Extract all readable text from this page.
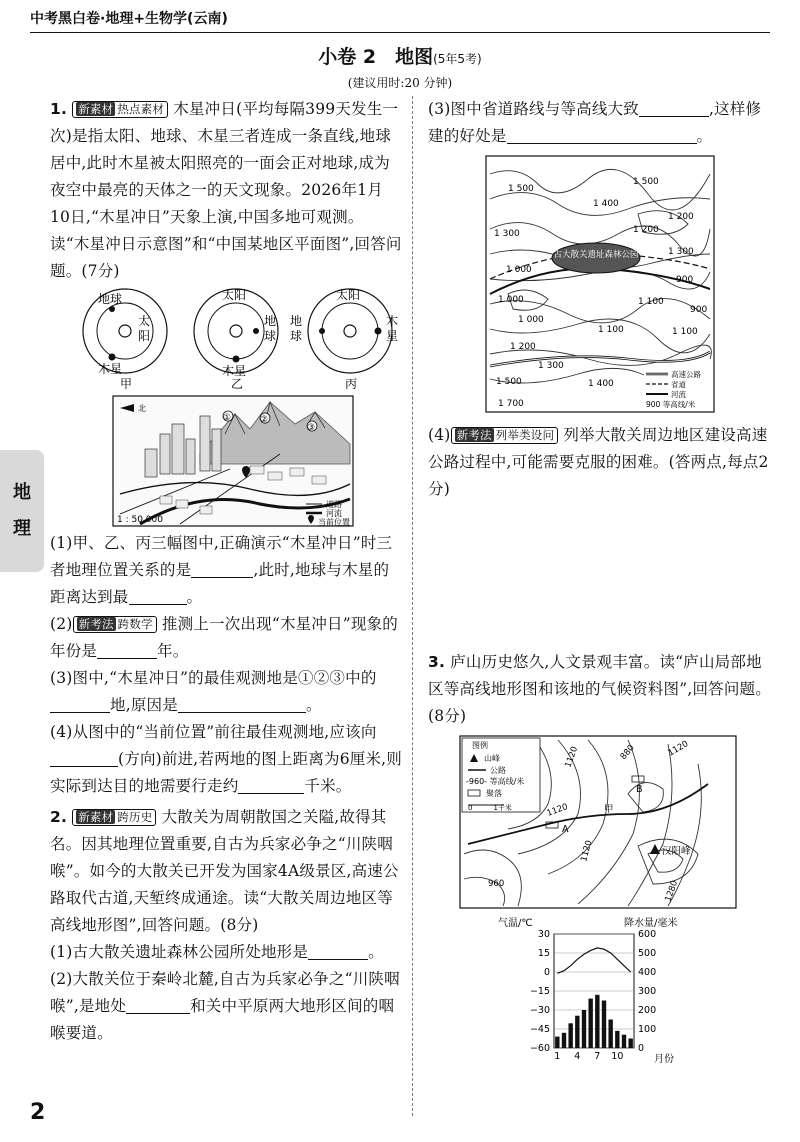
中考黑白卷·地理+生物学(云南)
小卷 2　地图(5年5考)
(建议用时:20 分钟)
地
理

1. 新素材 热点素材 木星冲日(平均每隔399天发生一次)是指太阳、地球、木星三者连成一条直线,地球居中,此时木星被太阳照亮的一面会正对地球,成为夜空中最亮的天体之一的天文现象。2026年1月10日,“木星冲日”天象上演,中国多地可观测。读“木星冲日示意图”和“中国某地区平面图”,回答问题。(7分)

地球
太
阳
木星
太阳
地
球
木星
太阳
地
球
木
星
甲	乙	丙
北
①	②
③
1 : 50 000
道路
河流
当前位置

(1)甲、乙、丙三幅图中,正确演示“木星冲日”时三者地理位置关系的是	,此时,地球与木星的距离达到最	。

(2) 新考法 跨数学 推测上一次出现“木星冲日”现象的年份是	年。

(3)图中,“木星冲日”的最佳观测地是①②③中的地,原因是	。

(4)从图中的“当前位置”前往最佳观测地,应该向(方向)前进,若两地的图上距离为6厘米,则实际到达目的地需要行走约	千米。

2. 新素材 跨历史 大散关为周朝散国之关隘,故得其名。因其地理位置重要,自古为兵家必争之“川陕咽喉”。如今的大散关已开发为国家4A级景区,高速公路取代古道,天堑终成通途。读“大散关周边地区等高线地形图”,回答问题。(8分)

(1)古大散关遗址森林公园所处地形是	。

(2)大散关位于秦岭北麓,自古为兵家必争之“川陕咽喉”,是地处	和关中平原两大地形区间的咽喉要道。

(3)图中省道路线与等高线大致	,这样修建的好处是	。

古大散关遗址森林公园
1 500
1 500
1 400
1 300	1 200
1 300
1 000
1 200
900
1 000
1 100
900
1 000
1 100	1 100
1 200
1 500	1 400
1 300
1 700
高速公路
省道
河流
900 等高线/米

(4) 新考法 列举类设问 列举大散关周边地区建设高速公路过程中,可能需要克服的困难。(答两点,每点2分)

3. 庐山历史悠久,人文景观丰富。读“庐山局部地区等高线地形图和该地的气候资料图”,回答问题。(8分)

图例
山峰
公路
-960- 等高线/米
聚落
0　　　1千米
1120	880	1120
1120
960
1120
1280
A
B
甲
汉阳峰
气温/℃	降水量/毫米
月份
30
15
0
−15
−30
−45
−60
600
500
400
300
200
100
0
1 4 7 10
2
